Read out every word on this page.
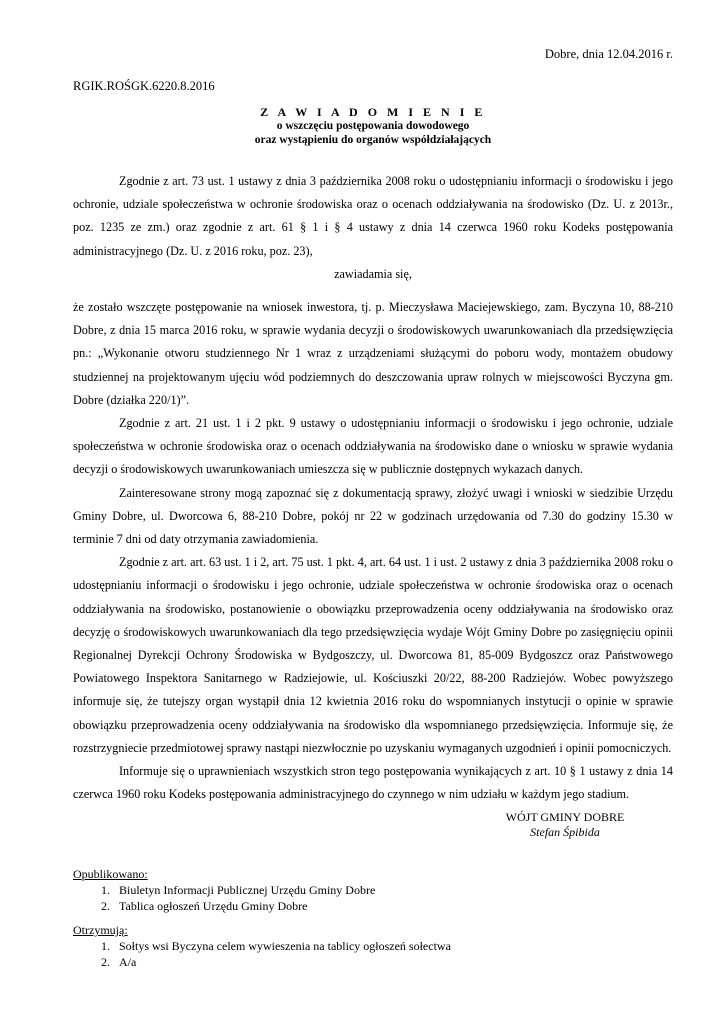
Dobre, dnia 12.04.2016 r.

RGIK.ROŚGK.6220.8.2016

Z A W I A D O M I E N I E
o wszczęciu postępowania dowodowego
oraz wystąpieniu do organów współdziałających

Zgodnie z art. 73 ust. 1 ustawy z dnia 3 października 2008 roku o udostępnianiu informacji o środowisku i jego ochronie, udziale społeczeństwa w ochronie środowiska oraz o ocenach oddziaływania na środowisko (Dz. U. z 2013r., poz. 1235 ze zm.) oraz zgodnie z art. 61 § 1 i § 4 ustawy z dnia 14 czerwca 1960 roku Kodeks postępowania administracyjnego (Dz. U. z 2016 roku, poz. 23),

zawiadamia się,

że zostało wszczęte postępowanie na wniosek inwestora, tj. p. Mieczysława Maciejewskiego, zam. Byczyna 10, 88-210 Dobre, z dnia 15 marca 2016 roku, w sprawie wydania decyzji o środowiskowych uwarunkowaniach dla przedsięwzięcia pn.: „Wykonanie otworu studziennego Nr 1 wraz z urządzeniami służącymi do poboru wody, montażem obudowy studziennej na projektowanym ujęciu wód podziemnych do deszczowania upraw rolnych w miejscowości Byczyna gm. Dobre (działka 220/1)”.

Zgodnie z art. 21 ust. 1 i 2 pkt. 9 ustawy o udostępnianiu informacji o środowisku i jego ochronie, udziale społeczeństwa w ochronie środowiska oraz o ocenach oddziaływania na środowisko dane o wniosku w sprawie wydania decyzji o środowiskowych uwarunkowaniach umieszcza się w publicznie dostępnych wykazach danych.

Zainteresowane strony mogą zapoznać się z dokumentacją sprawy, złożyć uwagi i wnioski w siedzibie Urzędu Gminy Dobre, ul. Dworcowa 6, 88-210 Dobre, pokój nr 22 w godzinach urzędowania od 7.30 do godziny 15.30 w terminie 7 dni od daty otrzymania zawiadomienia.

Zgodnie z art. art. 63 ust. 1 i 2, art. 75 ust. 1 pkt. 4, art. 64 ust. 1 i ust. 2 ustawy z dnia 3 października 2008 roku o udostępnianiu informacji o środowisku i jego ochronie, udziale społeczeństwa w ochronie środowiska oraz o ocenach oddziaływania na środowisko, postanowienie o obowiązku przeprowadzenia oceny oddziaływania na środowisko oraz decyzję o środowiskowych uwarunkowaniach dla tego przedsięwzięcia wydaje Wójt Gminy Dobre po zasięgnięciu opinii Regionalnej Dyrekcji Ochrony Środowiska w Bydgoszczy, ul. Dworcowa 81, 85-009 Bydgoszcz oraz Państwowego Powiatowego Inspektora Sanitarnego w Radziejowie, ul. Kościuszki 20/22, 88-200 Radziejów. Wobec powyższego informuje się, że tutejszy organ wystąpił dnia 12 kwietnia 2016 roku do wspomnianych instytucji o opinie w sprawie obowiązku przeprowadzenia oceny oddziaływania na środowisko dla wspomnianego przedsięwzięcia. Informuje się, że rozstrzygniecie przedmiotowej sprawy nastąpi niezwłocznie po uzyskaniu wymaganych uzgodnień i opinii pomocniczych.

Informuje się o uprawnieniach wszystkich stron tego postępowania wynikających z art. 10 § 1 ustawy z dnia 14 czerwca 1960 roku Kodeks postępowania administracyjnego do czynnego w nim udziału w każdym jego stadium.

WÓJT GMINY DOBRE
Stefan Śpibida
Opublikowano:
1. Biuletyn Informacji Publicznej Urzędu Gminy Dobre
2. Tablica ogłoszeń Urzędu Gminy Dobre
Otrzymują:
1. Sołtys wsi Byczyna celem wywieszenia na tablicy ogłoszeń sołectwa
2. A/a
